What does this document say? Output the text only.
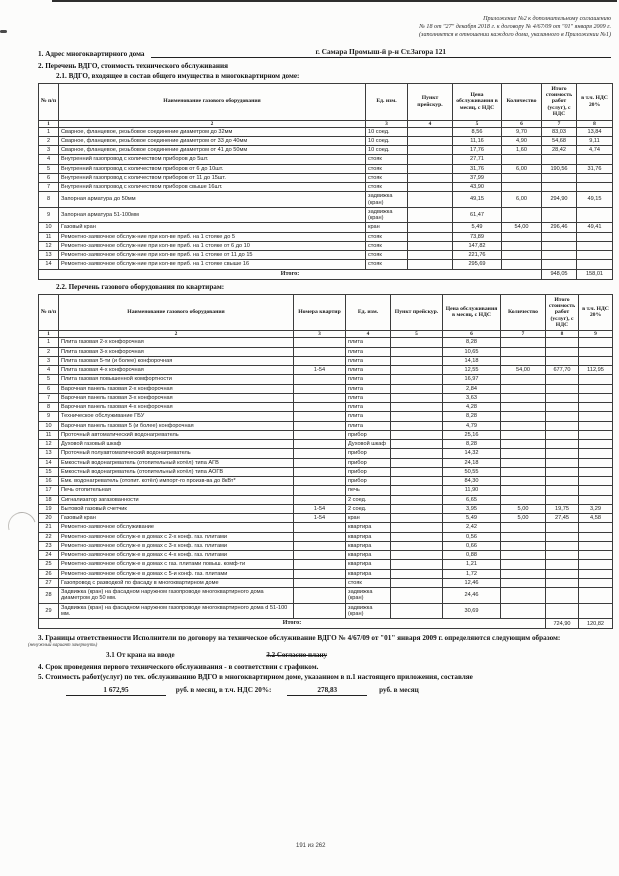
Приложение №2 к дополнительному соглашению
№ 18 от "27" декабря 2018 г. к договору № 4/67/09 от "01" января 2009 г.
(заполняется в отношении каждого дома, указанного в Приложении №1)
1. Адрес многоквартирного дома	г. Самара Промыш-й р-н Ст.Загора 121
2. Перечень ВДГО, стоимость технического обслуживания
2.1. ВДГО, входящее в состав общего имущества в многоквартирном доме:
№ п/п	Наименование газового оборудования	Ед. изм.	Пункт прейскур.	Цена обслуживания в месяц, с НДС	Количество	Итого стоимость работ (услуг), с НДС	в т.ч. НДС 20%
1	2	3	4	5	6	7	8
1	Сварное, фланцевое, резьбовое соединение диаметром до 32мм	10 соед.		8,56	9,70	83,03	13,84
2	Сварное, фланцевое, резьбовое соединение диаметром от 33 до 40мм	10 соед.		11,16	4,90	54,68	9,11
3	Сварное, фланцевое, резьбовое соединение диаметром от 41 до 50мм	10 соед.		17,76	1,60	28,42	4,74
4	Внутренний газопровод с количеством приборов до 5шт.	стояк		27,71			
5	Внутренний газопровод с количеством приборов от 6 до 10шт.	стояк		31,76	6,00	190,56	31,76
6	Внутренний газопровод с количеством приборов от 11 до 15шт.	стояк		37,99			
7	Внутренний газопровод с количеством приборов свыше 16шт.	стояк		43,90			
8	Запорная арматура до 50мм	задвижка (кран)		49,15	6,00	294,90	49,15
9	Запорная арматура 51-100мм	задвижка (кран)		61,47			
10	Газовый кран	кран		5,49	54,00	296,46	49,41
11	Ремонтно-заявочное обслуж-ние при кол-ве приб. на 1 стояке до 5	стояк		73,89			
12	Ремонтно-заявочное обслуж-ние при кол-ве приб. на 1 стояке от 6 до 10	стояк		147,82			
13	Ремонтно-заявочное обслуж-ние при кол-ве приб. на 1 стояке от 11 до 15	стояк		221,76			
14	Ремонтно-заявочное обслуж-ние при кол-ве приб. на 1 стояке свыше 16	стояк		295,69			
Итого:						948,05	158,01
2.2. Перечень газового оборудования по квартирам:
№ п/п	Наименование газового оборудования	Номера квартир	Ед. изм.	Пункт прейскур.	Цена обслуживания в месяц, с НДС	Количество	Итого стоимость работ (услуг), с НДС	в т.ч. НДС 20%
1	2	3	4	5	6	7	8	9
1	Плита газовая 2-х конфорочная		плита		8,28			
2	Плита газовая 3-х конфорочная		плита		10,65			
3	Плита газовая 5-ти (и более) конфорочная		плита		14,18			
4	Плита газовая 4-х конфорочная	1-54	плита		12,55	54,00	677,70	112,95
5	Плита газовая повышенной комфортности		плита		16,97			
6	Варочная панель газовая 2-х конфорочная		плита		2,84			
7	Варочная панель газовая 3-х конфорочная		плита		3,63			
8	Варочная панель газовая 4-х конфорочная		плита		4,28			
9	Техническое обслуживание ГБУ		плита		8,28			
10	Варочная панель газовая 5 (и более) конфорочная		плита		4,79			
11	Проточный автоматический водонагреватель		прибор		25,16			
12	Духовой газовый шкаф		Духовой шкаф		8,28			
13	Проточный полуавтоматический водонагреватель		прибор		14,32			
14	Емкостный водонагреватель (отопительный котёл) типа АГВ		прибор		24,18			
15	Емкостный водонагреватель (отопительный котёл) типа АОГВ		прибор		50,55			
16	Емк. водонагреватель (отопит. котёл) импорт-го произв-ва до 8кВт*		прибор		84,30			
17	Печь отопительная		печь		11,90			
18	Сигнализатор загазованности		2 соед.		6,65			
19	Бытовой газовый счетчик	1-54	2 соед.		3,95	5,00	19,75	3,29
20	Газовый кран	1-54	кран		5,49	5,00	27,45	4,58
21	Ремонтно-заявочное обслуживание		квартира		2,42			
22	Ремонтно-заявочное обслуж-е в домах с 2-х конф. газ. плитами		квартира		0,56			
23	Ремонтно-заявочное обслуж-е в домах с 3-х конф. газ. плитами		квартира		0,66			
24	Ремонтно-заявочное обслуж-е в домах с 4-х конф. газ. плитами		квартира		0,88			
25	Ремонтно-заявочное обслуж-е в домах с газ. плитами повыш. комф-ти		квартира		1,21			
26	Ремонтно-заявочное обслуж-е в домах с 5-и конф. газ. плитами		квартира		1,72			
27	Газопровод с разводкой по фасаду в многоквартирном доме		стояк		12,46			
28	Задвижка (кран) на фасадном наружном газопроводе многоквартирного дома диаметром до 50 мм.		задвижка (кран)		24,46			
29	Задвижка (кран) на фасадном наружном газопроводе многоквартирного дома d 51-100 мм.		задвижка (кран)		30,69			
Итого:							724,90	120,82
3. Границы ответственности Исполнители по договору на техническое обслуживание ВДГО № 4/67/09 от "01" января 2009 г. определяются следующим образом:
(ненужный вариант зачеркнуть)
3.1 От крана на вводе	3.2 Согласно плану
4. Срок проведения первого технического обслуживания - в соответствии с графиком.
5. Стоимость работ(услуг) по тех. обслуживанию ВДГО в многоквартирном доме, указанном в п.1 настоящего приложения, составляе
1 672,95	руб. в месяц, в т.ч. НДС 20%:	278,83	руб. в месяц
191 из 262
